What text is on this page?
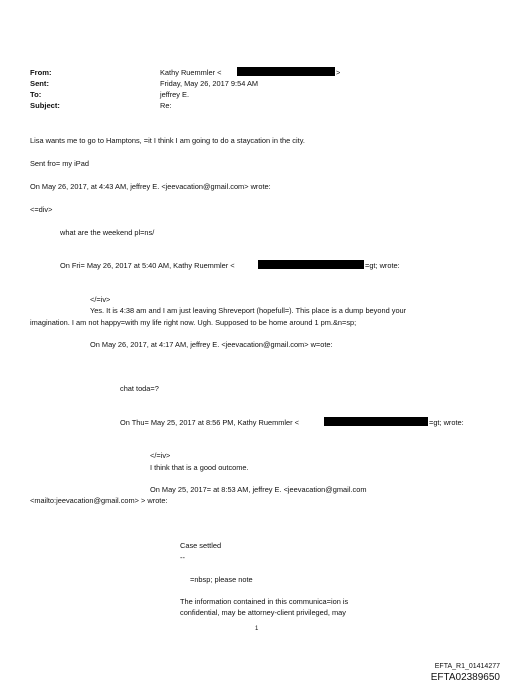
From:	Kathy Ruemmler <	>
Sent:	Friday, May 26, 2017 9:54 AM
To:	jeffrey E.
Subject:	Re:
Lisa wants me to go to Hamptons, =it I think I am going to do a staycation in the city.
Sent fro= my iPad
On May 26, 2017, at 4:43 AM, jeffrey E. <jeevacation@gmail.com> wrote:
<=div>
what are the weekend pl=ns/
On Fri= May 26, 2017 at 5:40 AM, Kathy Ruemmler <	=gt; wrote:
</=iv>
Yes. It is 4:38 am and I am just leaving Shreveport (hopefull=). This place is a dump beyond your
imagination. I am not happy=with my life right now. Ugh. Supposed to be home around 1 pm.&n=sp;
On May 26, 2017, at 4:17 AM, jeffrey E. <jeevacation@gmail.com> w=ote:
chat toda=?
On Thu= May 25, 2017 at 8:56 PM, Kathy Ruemmler <	=gt; wrote:
</=iv>
I think that is a good outcome.
On May 25, 2017= at 8:53 AM, jeffrey E. <jeevacation@gmail.com
<mailto:jeevacation@gmail.com> > wrote:
Case settled
--
=nbsp; please note
The information contained in this communica=ion is
confidential, may be attorney-client privileged, may
1
EFTA_R1_01414277
EFTA02389650
